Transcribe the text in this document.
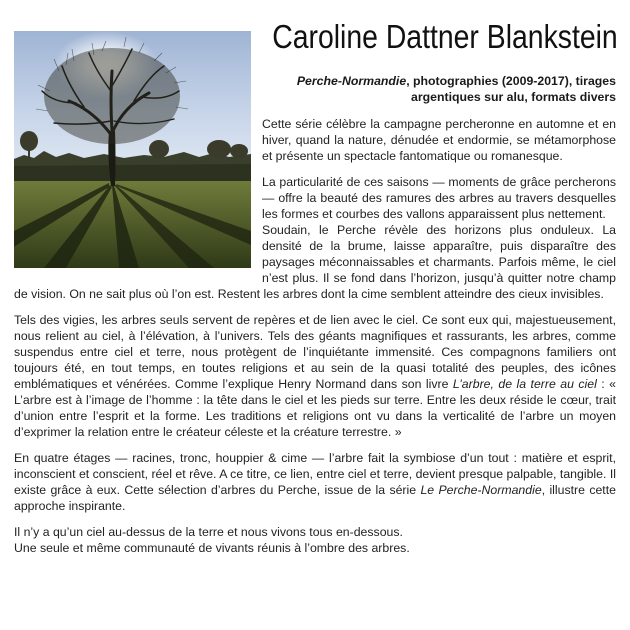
Caroline Dattner Blankstein
Perche-Normandie, photographies (2009-2017), tirages argentiques sur alu, formats divers

Cette série célèbre la campagne percheronne en automne et en hiver, quand la nature, dénudée et endormie, se métamorphose et présente un spectacle fantomatique ou romanesque.

La particularité de ces saisons — moments de grâce percherons — offre la beauté des ramures des arbres au travers desquelles les formes et courbes des vallons apparaissent plus nettement.

Soudain, le Perche révèle des horizons plus onduleux. La densité de la brume, laisse apparaître, puis disparaître des paysages méconnaissables et charmants. Parfois même, le ciel n’est plus. Il se fond dans l’horizon, jusqu’à quitter notre champ de vision. On ne sait plus où l’on est. Restent les arbres dont la cime semblent atteindre des cieux invisibles.

Tels des vigies, les arbres seuls servent de repères et de lien avec le ciel. Ce sont eux qui, majestueusement, nous relient au ciel, à l’élévation, à l’univers. Tels des géants magnifiques et rassurants, les arbres, comme suspendus entre ciel et terre, nous protègent de l’inquiétante immensité. Ces compagnons familiers ont toujours été, en tout temps, en toutes religions et au sein de la quasi totalité des peuples, des icônes emblématiques et vénérées. Comme l’explique Henry Normand dans son livre L’arbre, de la terre au ciel : « L’arbre est à l’image de l’homme : la tête dans le ciel et les pieds sur terre. Entre les deux réside le cœur, trait d’union entre l’esprit et la forme. Les traditions et religions ont vu dans la verticalité de l’arbre un moyen d’exprimer la relation entre le créateur céleste et la créature terrestre. »

En quatre étages — racines, tronc, houppier & cime — l’arbre fait la symbiose d’un tout : matière et esprit, inconscient et conscient, réel et rêve. A ce titre, ce lien, entre ciel et terre, devient presque palpable, tangible. Il existe grâce à eux. Cette sélection d’arbres du Perche, issue de la série Le Perche-Normandie, illustre cette approche inspirante.

Il n’y a qu’un ciel au-dessus de la terre et nous vivons tous en-dessous.

Une seule et même communauté de vivants réunis à l’ombre des arbres.
